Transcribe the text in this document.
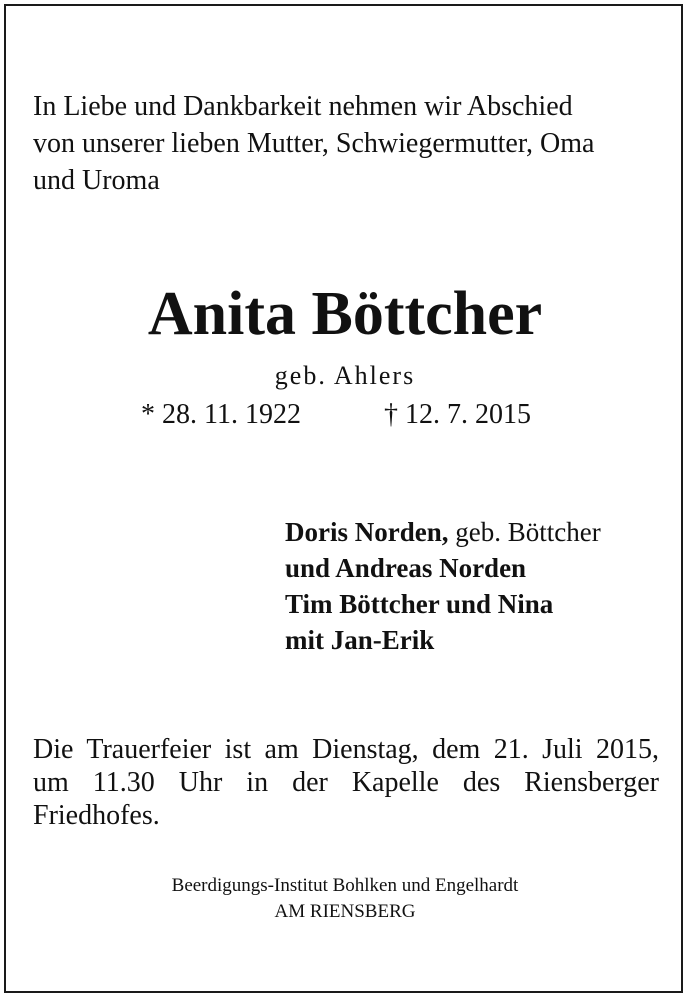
In Liebe und Dankbarkeit nehmen wir Abschied
von unserer lieben Mutter, Schwiegermutter, Oma
und Uroma
Anita Böttcher
geb. Ahlers
* 28. 11. 1922	† 12. 7. 2015
Doris Norden, geb. Böttcher
und Andreas Norden
Tim Böttcher und Nina
mit Jan-Erik
Die Trauerfeier ist am Dienstag, dem 21. Juli 2015,
um 11.30 Uhr in der Kapelle des Riensberger
Friedhofes.
Beerdigungs-Institut Bohlken und Engelhardt
AM RIENSBERG
